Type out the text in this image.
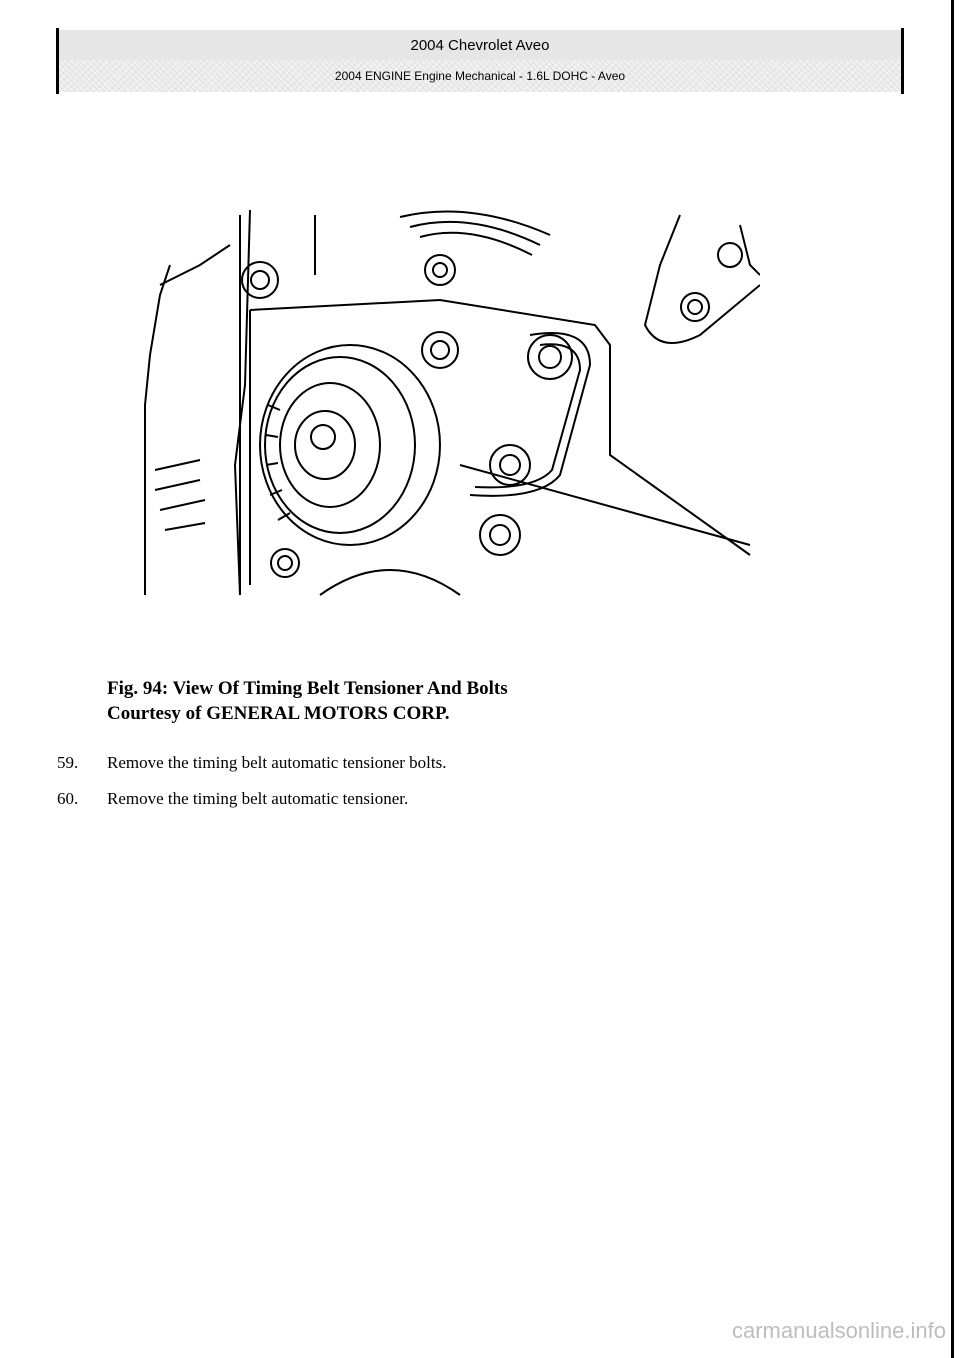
2004 Chevrolet Aveo
2004 ENGINE Engine Mechanical - 1.6L DOHC - Aveo
Fig. 94: View Of Timing Belt Tensioner And Bolts
Courtesy of GENERAL MOTORS CORP.
59.	Remove the timing belt automatic tensioner bolts.
60.	Remove the timing belt automatic tensioner.
carmanualsonline.info
